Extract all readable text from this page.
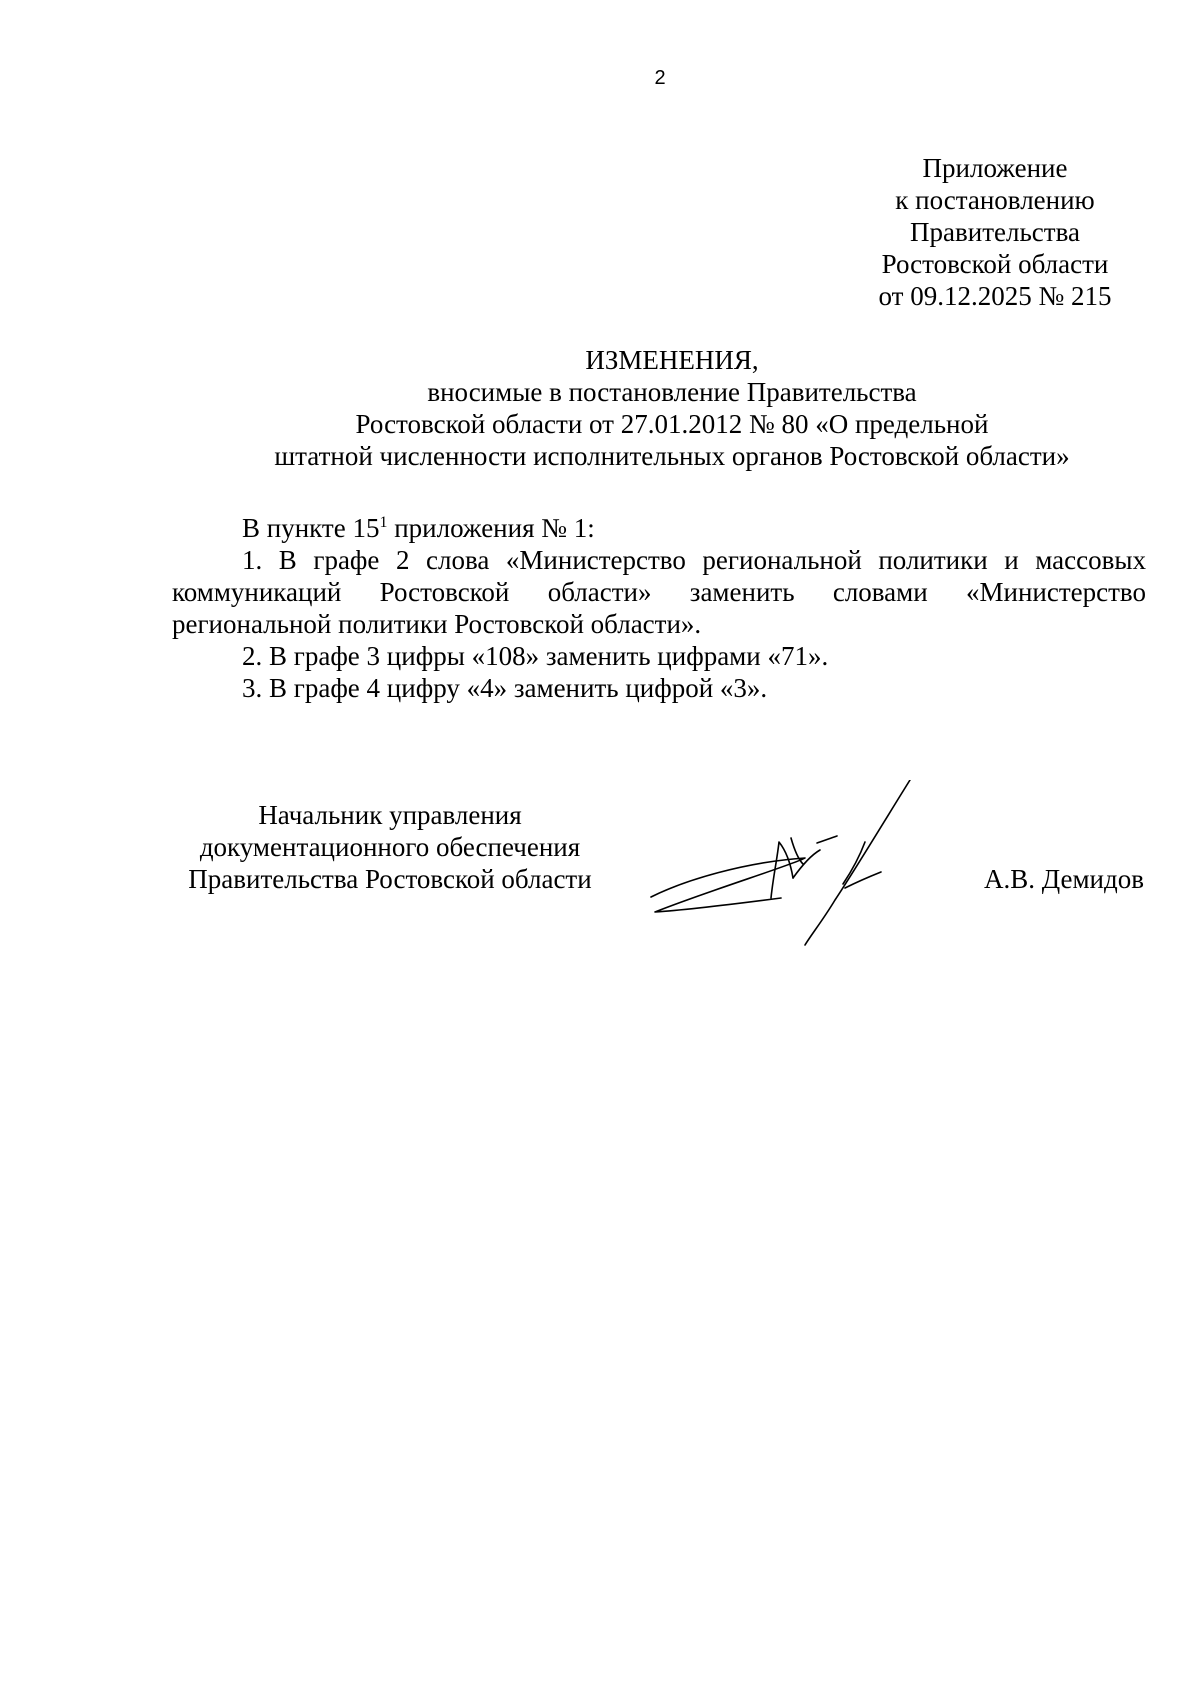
2
Приложение
к постановлению
Правительства
Ростовской области
от 09.12.2025 № 215
ИЗМЕНЕНИЯ,
вносимые в постановление Правительства
Ростовской области от 27.01.2012 № 80 «О предельной
штатной численности исполнительных органов Ростовской области»

В пункте $15^1$ приложения № 1:

1. В графе 2 слова «Министерство региональной политики и массовых коммуникаций Ростовской области» заменить словами «Министерство региональной политики Ростовской области».

2. В графе 3 цифры «108» заменить цифрами «71».

3. В графе 4 цифру «4» заменить цифрой «3».

Начальник управления
документационного обеспечения
Правительства Ростовской области	А.В. Демидов
